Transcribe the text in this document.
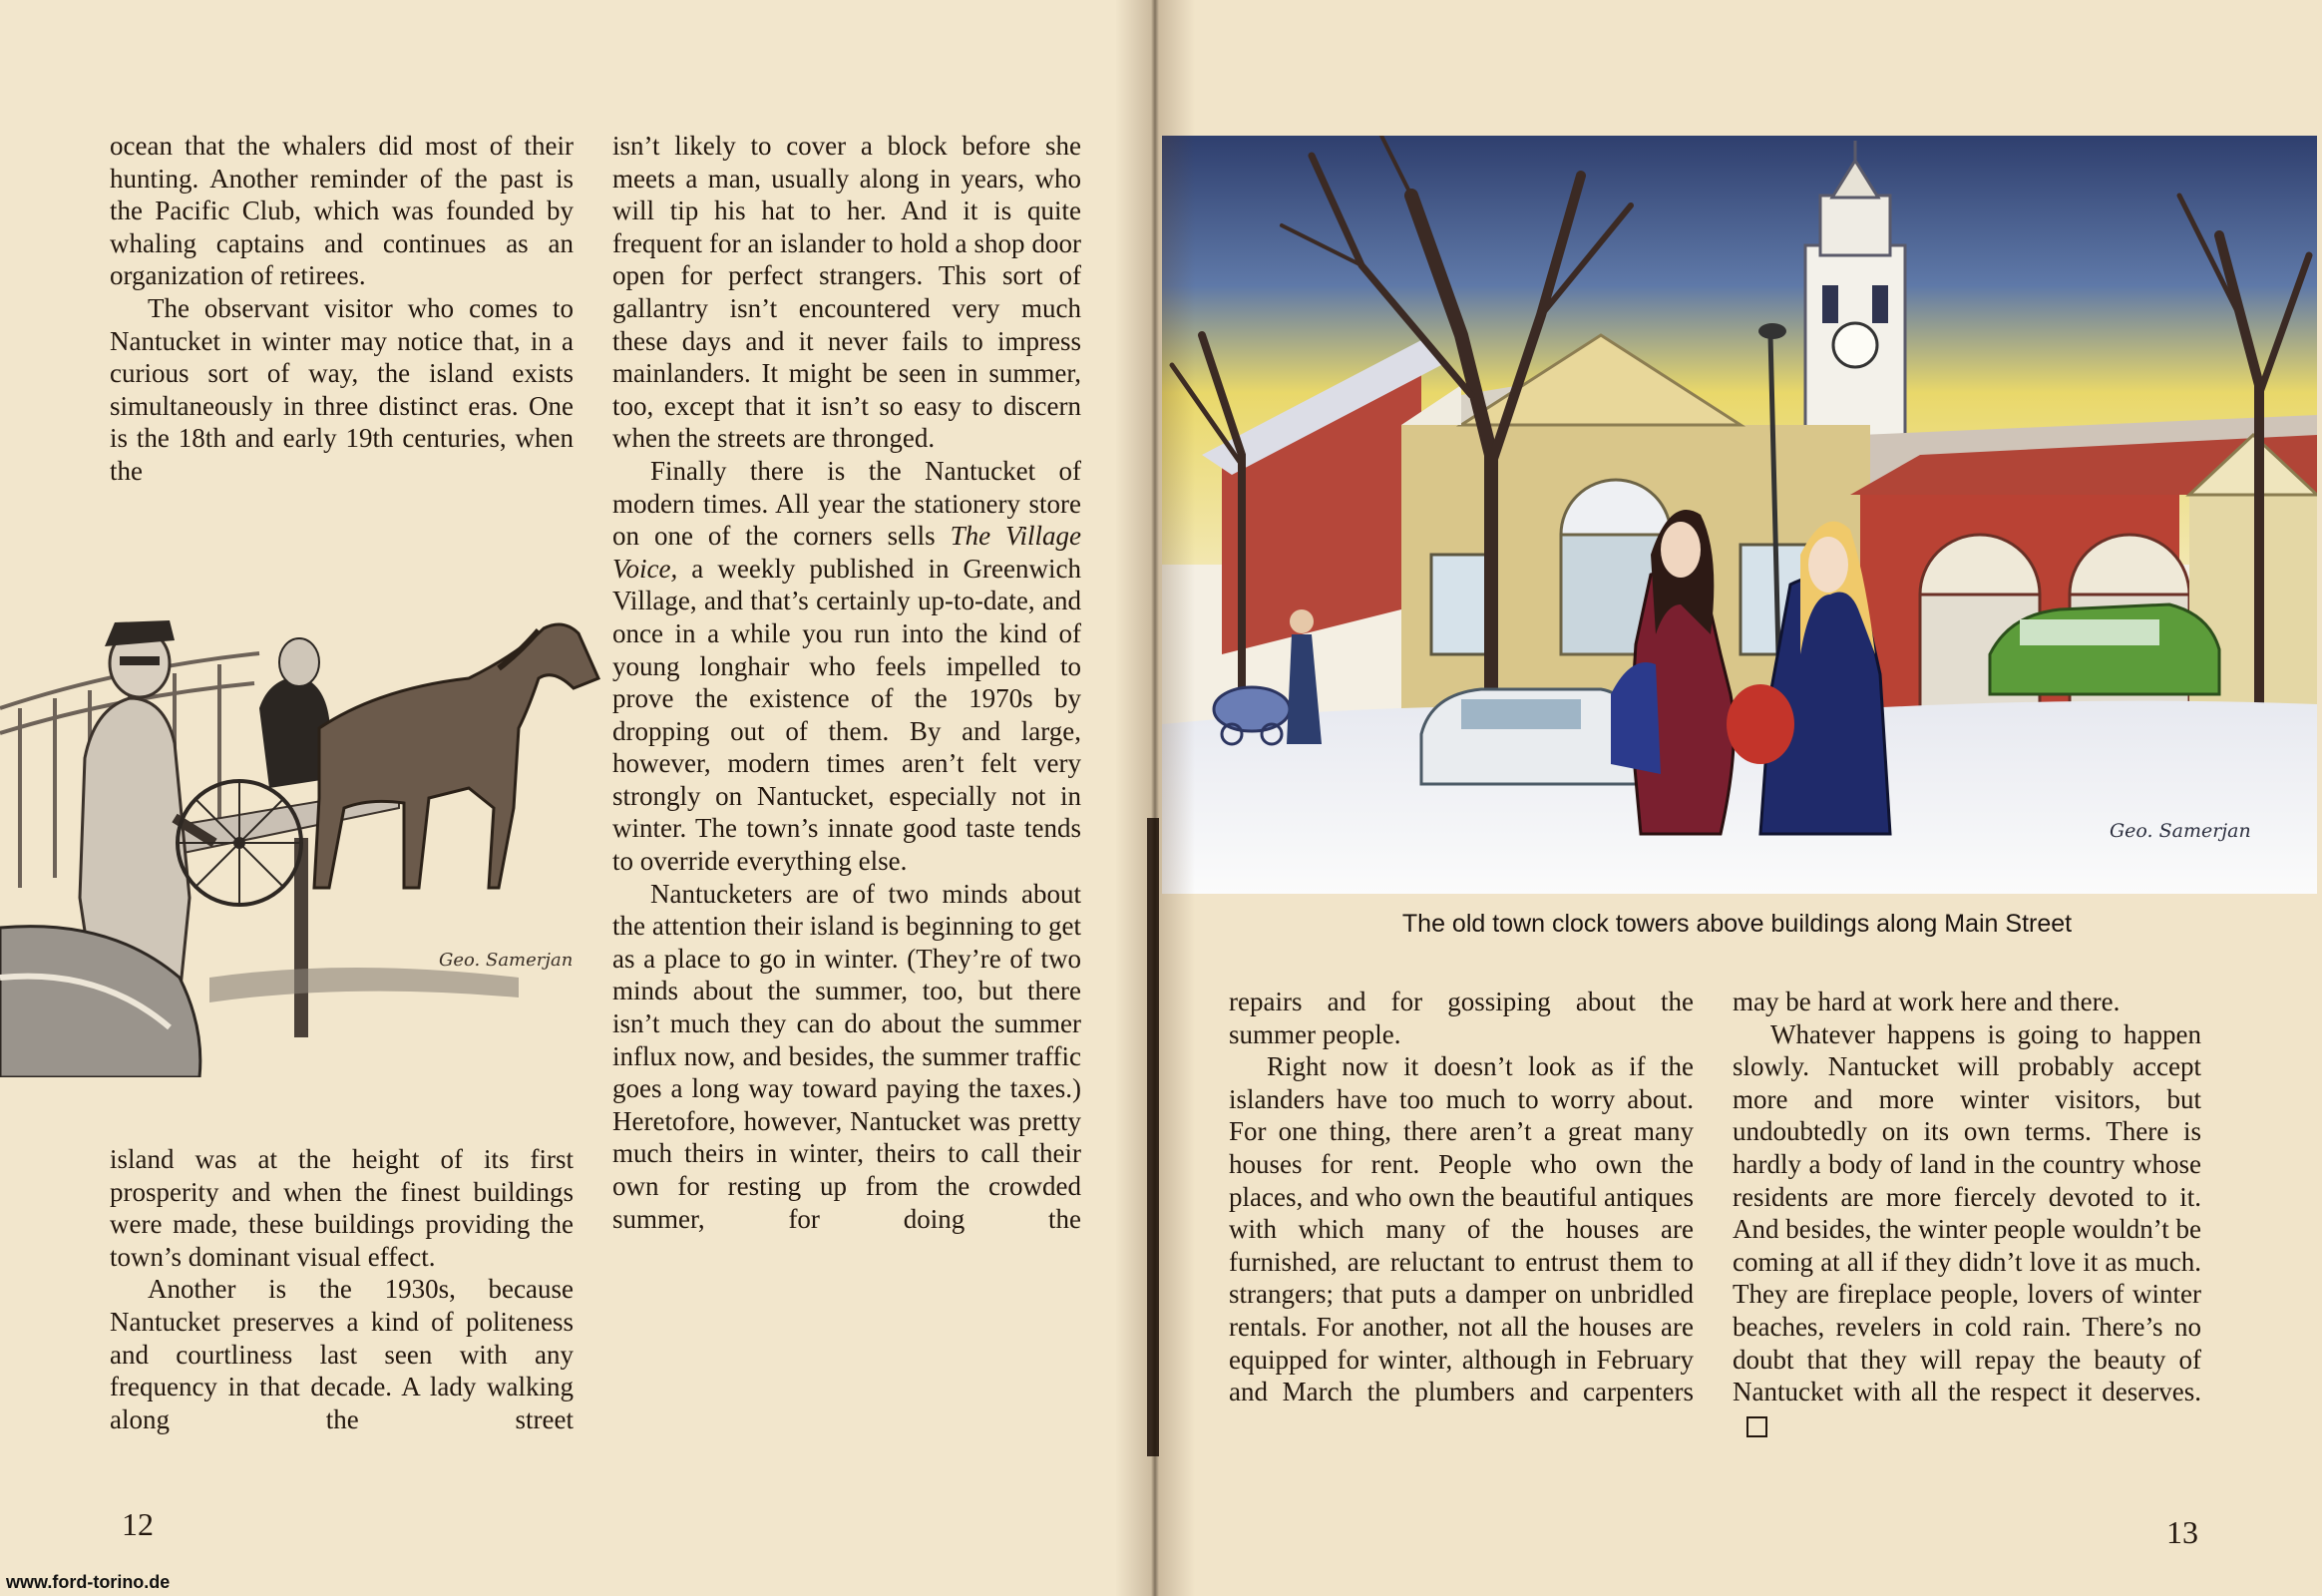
ocean that the whalers did most of their hunting. Another reminder of the past is the Pacific Club, which was founded by whaling captains and continues as an organization of retirees.

The observant visitor who comes to Nantucket in winter may notice that, in a curious sort of way, the island exists simultaneously in three distinct eras. One is the 18th and early 19th centuries, when the

Geo. Samerjan

island was at the height of its first prosperity and when the finest buildings were made, these buildings providing the town’s dominant visual effect.

Another is the 1930s, because Nantucket preserves a kind of politeness and courtliness last seen with any frequency in that decade. A lady walking along the street

isn’t likely to cover a block before she meets a man, usually along in years, who will tip his hat to her. And it is quite frequent for an islander to hold a shop door open for perfect strangers. This sort of gallantry isn’t encountered very much these days and it never fails to impress mainlanders. It might be seen in summer, too, except that it isn’t so easy to discern when the streets are thronged.

Finally there is the Nantucket of modern times. All year the stationery store on one of the corners sells The Village Voice, a weekly published in Greenwich Village, and that’s certainly up-to-date, and once in a while you run into the kind of young longhair who feels impelled to prove the existence of the 1970s by dropping out of them. By and large, however, modern times aren’t felt very strongly on Nantucket, especially not in winter. The town’s innate good taste tends to override everything else.

Nantucketers are of two minds about the attention their island is beginning to get as a place to go in winter. (They’re of two minds about the summer, too, but there isn’t much they can do about the summer influx now, and besides, the summer traffic goes a long way toward paying the taxes.) Heretofore, however, Nantucket was pretty much theirs in winter, theirs to call their own for resting up from the crowded summer, for doing the

12
Geo. Samerjan
The old town clock towers above buildings along Main Street

repairs and for gossiping about the summer people.

Right now it doesn’t look as if the islanders have too much to worry about. For one thing, there aren’t a great many houses for rent. People who own the places, and who own the beautiful antiques with which many of the houses are furnished, are reluctant to entrust them to strangers; that puts a damper on unbridled rentals. For another, not all the houses are equipped for winter, although in February and March the plumbers and carpenters

may be hard at work here and there.

Whatever happens is going to happen slowly. Nantucket will probably accept more and more winter visitors, but undoubtedly on its own terms. There is hardly a body of land in the country whose residents are more fiercely devoted to it. And besides, the winter people wouldn’t be coming at all if they didn’t love it as much. They are fireplace people, lovers of winter beaches, revelers in cold rain. There’s no doubt that they will repay the beauty of Nantucket with all the respect it deserves.

13
www.ford-torino.de
